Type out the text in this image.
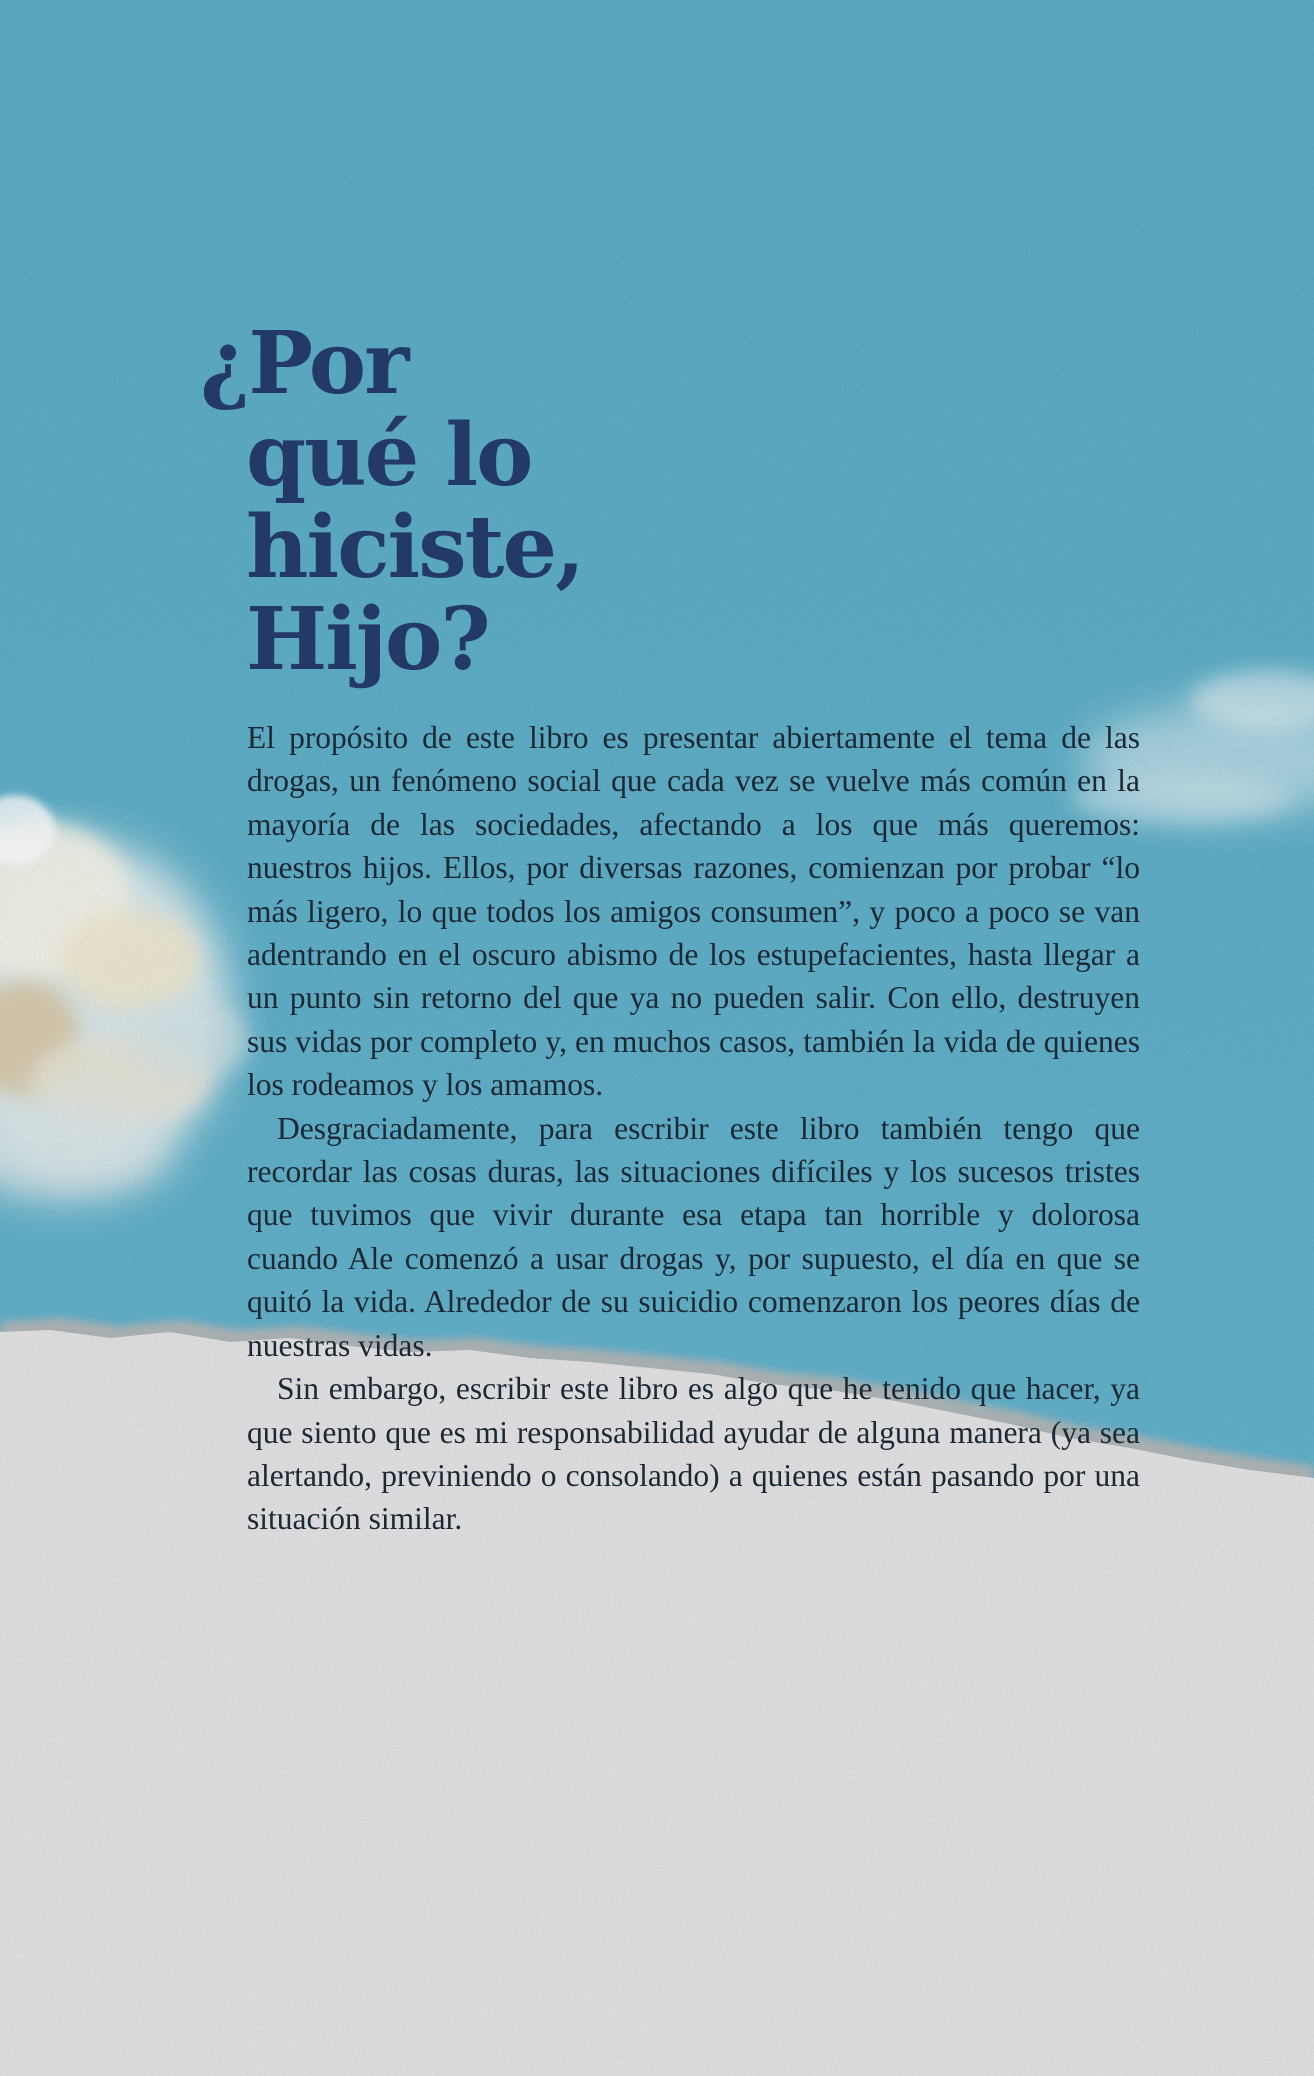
¿Por
qué lo
hiciste,
Hijo?

El propósito de este libro es presentar abiertamente el tema de las drogas, un fenómeno social que cada vez se vuelve más común en la mayoría de las sociedades, afectando a los que más queremos: nuestros hijos. Ellos, por diversas razones, comienzan por probar “lo más ligero, lo que todos los amigos consumen”, y poco a poco se van adentrando en el oscuro abismo de los estupefacientes, hasta llegar a un punto sin retorno del que ya no pueden salir. Con ello, destruyen sus vidas por completo y, en muchos casos, también la vida de quienes los rodeamos y los amamos.

Desgraciadamente, para escribir este libro también tengo que recordar las cosas duras, las situaciones difíciles y los sucesos tristes que tuvimos que vivir durante esa etapa tan horrible y dolorosa cuando Ale comenzó a usar drogas y, por supuesto, el día en que se quitó la vida. Alrededor de su suicidio comenzaron los peores días de nuestras vidas.

Sin embargo, escribir este libro es algo que he tenido que hacer, ya que siento que es mi responsabilidad ayudar de alguna manera (ya sea alertando, previniendo o consolando) a quienes están pasando por una situación similar.
